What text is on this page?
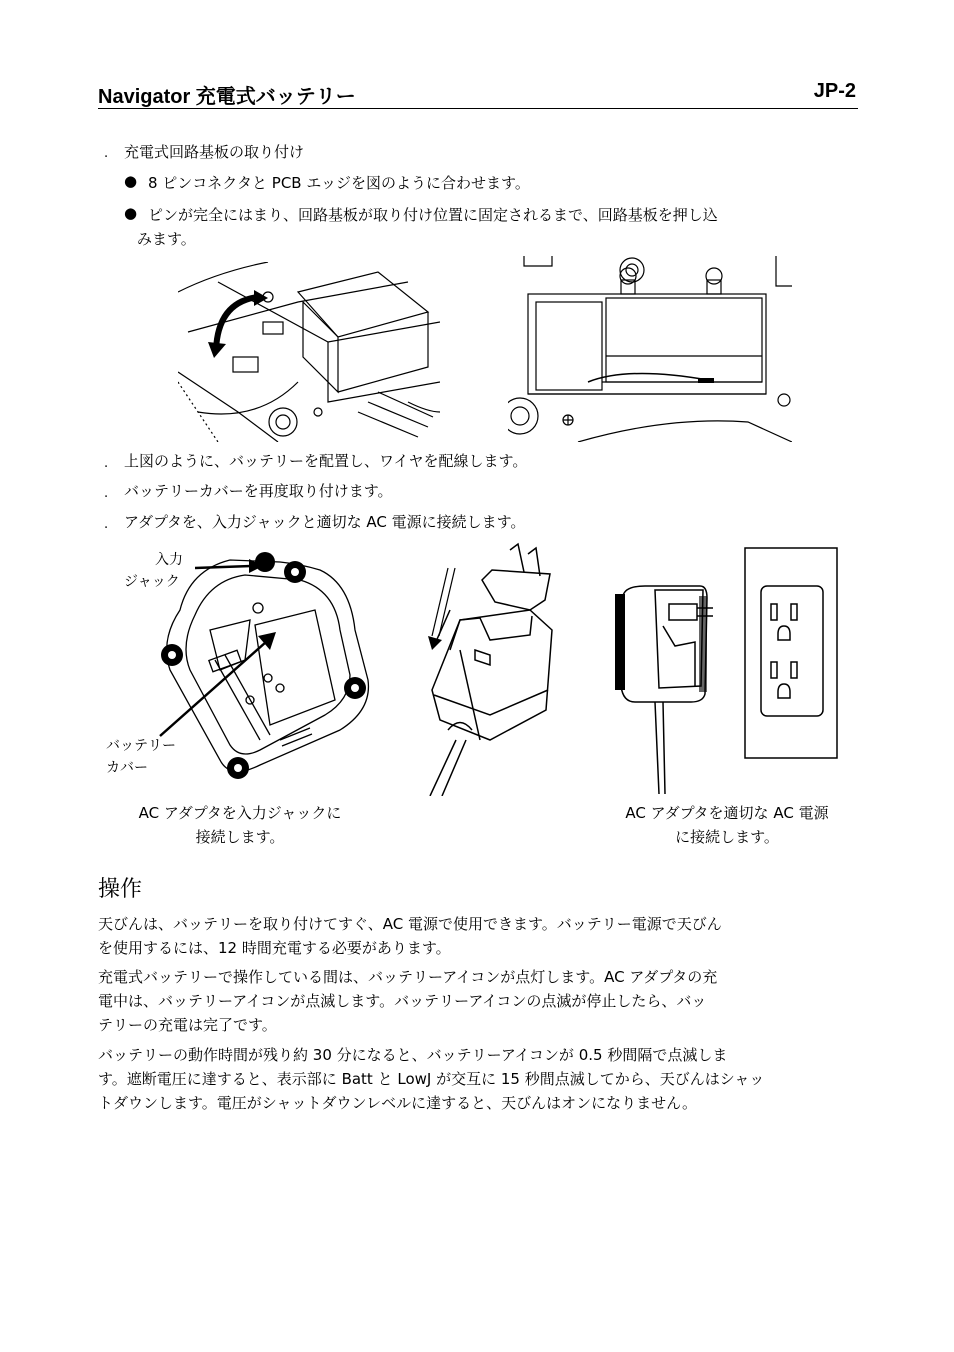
Navigator 充電式バッテリー	JP-2
. 充電式回路基板の取り付け
● 8 ピンコネクタと PCB エッジを図のように合わせます。
● ピンが完全にはまり、回路基板が取り付け位置に固定されるまで、回路基板を押し込
みます。
. 上図のように、バッテリーを配置し、ワイヤを配線します。
. バッテリーカバーを再度取り付けます。
. アダプタを、入力ジャックと適切な AC 電源に接続します。
入力
ジャック
バッテリー
カバー
AC アダプタを入力ジャックに
接続します。
AC アダプタを適切な AC 電源
に接続します。
操作
天びんは、バッテリーを取り付けてすぐ、AC 電源で使用できます。バッテリー電源で天びん
を使用するには、12 時間充電する必要があります。
充電式バッテリーで操作している間は、バッテリーアイコンが点灯します。AC アダプタの充
電中は、バッテリーアイコンが点滅します。バッテリーアイコンの点滅が停止したら、バッ
テリーの充電は完了です。
バッテリーの動作時間が残り約 30 分になると、バッテリーアイコンが 0.5 秒間隔で点滅しま
す。遮断電圧に達すると、表示部に Batt と LowJ が交互に 15 秒間点滅してから、天びんはシャッ
トダウンします。電圧がシャットダウンレベルに達すると、天びんはオンになりません。
